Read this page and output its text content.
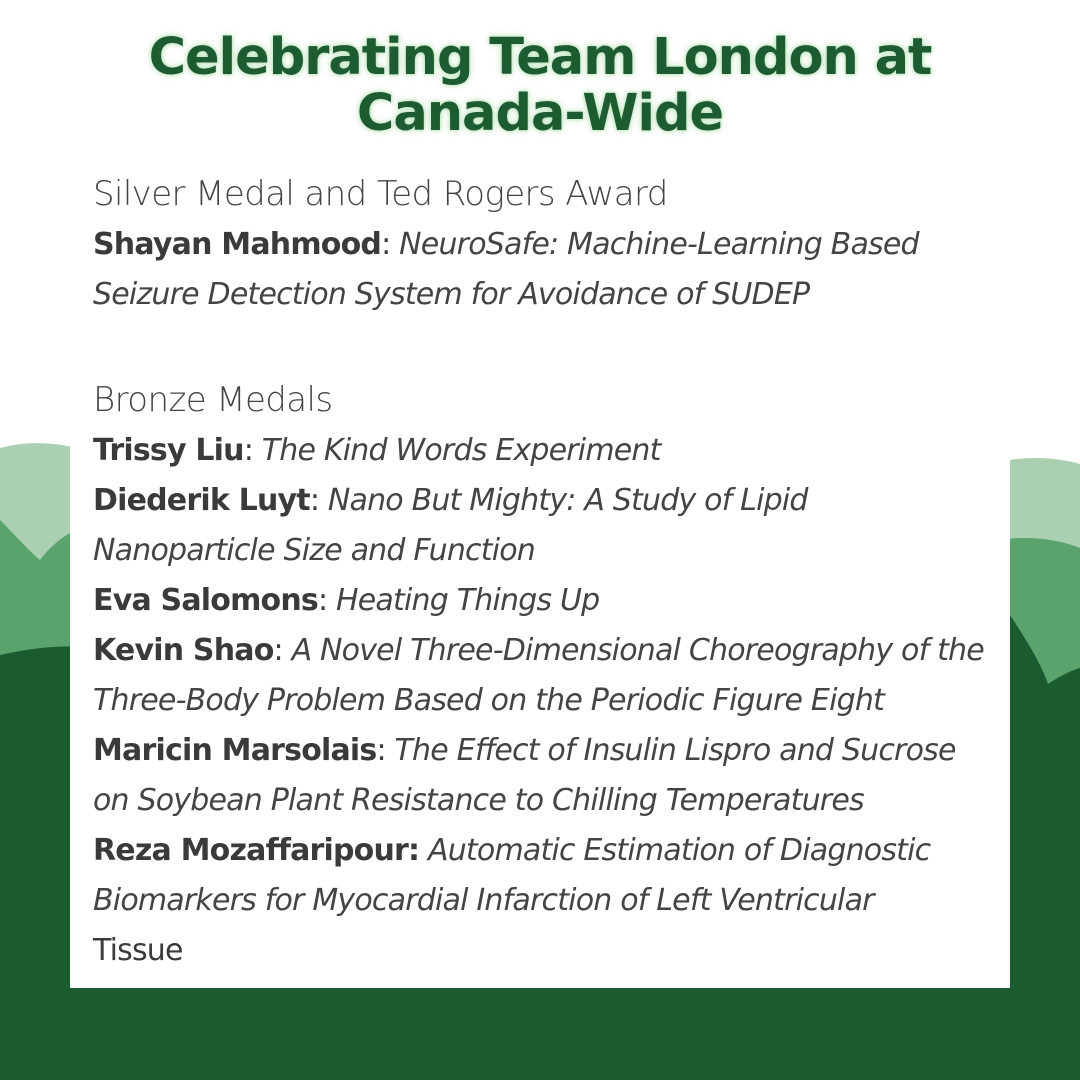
Celebrating Team London at
Canada-Wide
Silver Medal and Ted Rogers Award

Shayan Mahmood: NeuroSafe: Machine-Learning Based Seizure Detection System for Avoidance of SUDEP

Bronze Medals

Trissy Liu: The Kind Words Experiment

Diederik Luyt: Nano But Mighty: A Study of Lipid Nanoparticle Size and Function

Eva Salomons: Heating Things Up

Kevin Shao: A Novel Three-Dimensional Choreography of the Three-Body Problem Based on the Periodic Figure Eight

Maricin Marsolais: The Effect of Insulin Lispro and Sucrose on Soybean Plant Resistance to Chilling Temperatures

Reza Mozaffaripour: Automatic Estimation of Diagnostic Biomarkers for Myocardial Infarction of Left Ventricular
Tissue
